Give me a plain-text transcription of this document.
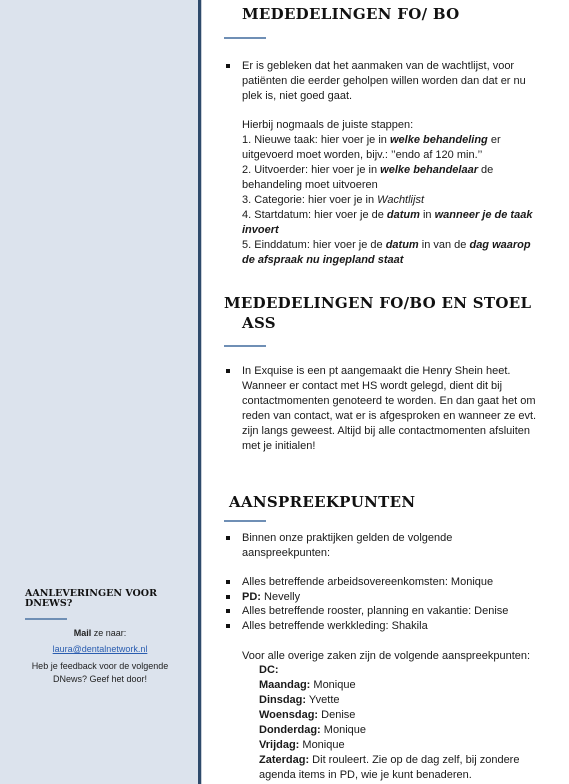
AANLEVERINGEN VOOR DNEWS?
Mail ze naar:
laura@dentalnetwork.nl
Heb je feedback voor de volgende DNews? Geef het door!
MEDEDELINGEN FO/ BO
Er is gebleken dat het aanmaken van de wachtlijst, voor patiënten die eerder geholpen willen worden dan dat er nu plek is, niet goed gaat.

Hierbij nogmaals de juiste stappen:

1. Nieuwe taak: hier voer je in welke behandeling er uitgevoerd moet worden, bijv.: ’’endo af 120 min.’’

2. Uitvoerder: hier voer je in welke behandelaar de behandeling moet uitvoeren

3. Categorie: hier voer je in Wachtlijst

4. Startdatum: hier voer je de datum in wanneer je de taak invoert

5. Einddatum: hier voer je de datum in van de dag waarop de afspraak nu ingepland staat

MEDEDELINGEN FO/BO EN STOEL
ASS
In Exquise is een pt aangemaakt die Henry Shein heet. Wanneer er contact met HS wordt gelegd, dient dit bij contactmomenten genoteerd te worden. En dan gaat het om reden van contact, wat er is afgesproken en wanneer ze evt. zijn langs geweest. Altijd bij alle contactmomenten afsluiten met je initialen!
AANSPREEKPUNTEN
Binnen onze praktijken gelden de volgende aanspreekpunten:
Alles betreffende arbeidsovereenkomsten: Monique
PD: Nevelly
Alles betreffende rooster, planning en vakantie: Denise
Alles betreffende werkkleding: Shakila
Voor alle overige zaken zijn de volgende aanspreekpunten:

DC:

Maandag: Monique

Dinsdag: Yvette

Woensdag: Denise

Donderdag: Monique

Vrijdag: Monique

Zaterdag: Dit rouleert. Zie op de dag zelf, bij zondere agenda items in PD, wie je kunt benaderen.
